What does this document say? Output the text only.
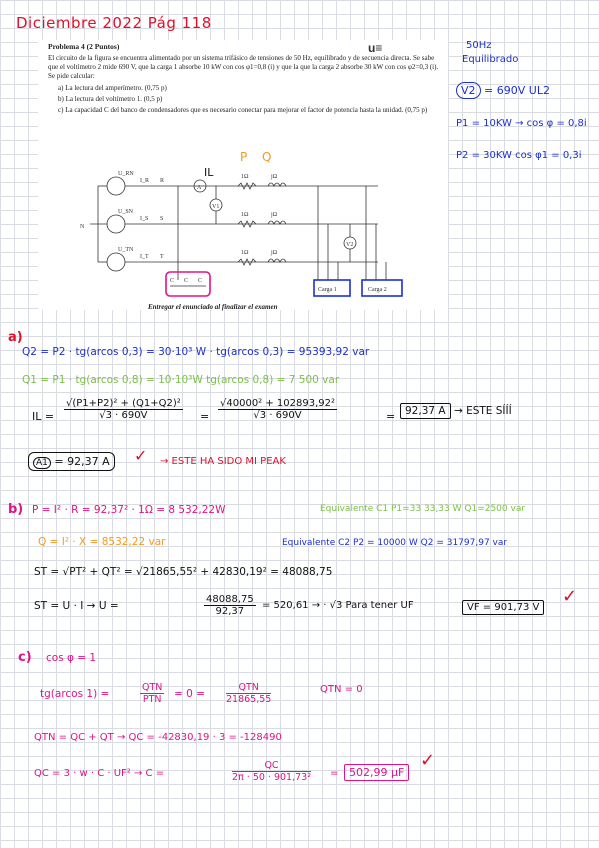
Diciembre 2022 Pág 118
u≡
Problema 4 (2 Puntos)
El circuito de la figura se encuentra alimentado por un sistema trifásico de tensiones de 50 Hz, equilibrado y de secuencia directa. Se sabe que el voltímetro 2 mide 690 V, que la carga 1 absorbe 10 kW con cos φ1=0,8 (i) y que la que la carga 2 absorbe 30 kW con cos φ2=0,3 (i). Se pide calcular:
a) La lectura del amperímetro. (0,75 p)
b) La lectura del voltímetro 1. (0,5 p)
c) La capacidad C del banco de condensadores que es necesario conectar para mejorar el factor de potencia hasta la unidad. (0,75 p)
U_RN
U_SN
U_TN
N
I_R R
I_S S
I_T T
A
V1
1Ω	jΩ
1Ω	jΩ
1Ω	jΩ
V2
Carga 1	Carga 2
C C C
Entregar el enunciado al finalizar el examen
IL
P Q
50Hz
Equilibrado
V2 = 690V UL2
P1 = 10KW → cos φ = 0,8i
P2 = 30KW cos φ1 = 0,3i
a)
Q2 = P2 · tg(arcos 0,3) = 30·10³ W · tg(arcos 0,3) = 95393,92 var
Q1 = P1 · tg(arcos 0,8) = 10·10³W tg(arcos 0,8) = 7 500 var
IL = $\frac{\text{√(P1+P2)² + (Q1+Q2)²}}{√3 \cdot 690V} = \frac{\text{√40000² + 102893,92²}}{√3 \cdot 690V}$	= 92,37 A → ESTE SÍÍÍ
A1 = 92,37 A	✓ → ESTE HA SIDO MI PEAK
b) P = I² · R = 92,37² · 1Ω = 8 532,22W	Equivalente C1 P1=33 33,33 W Q1=2500 var
Q = I² · X = 8532,22 var	Equivalente C2 P2 = 10000 W Q2 = 31797,97 var
ST = √PT² + QT² = √21865,55² + 42830,19² = 48088,75
ST = U · I → U =	$\frac{48088,75}{92,37} = 520,61$ → · √3 Para tener UF	VF = 901,73 V
✓
c) cos φ = 1
tg(arcos 1) =
QTN
PTN = 0 =
QTN
21865,55
QTN = 0
QTN = QC + QT → QC = -42830,19 · 3 = -128490
QC = 3 · w · C · UF² → C =	$\frac{QC}{\text{2π · 50 · 901,73²}} = 502,99$ μF
✓
